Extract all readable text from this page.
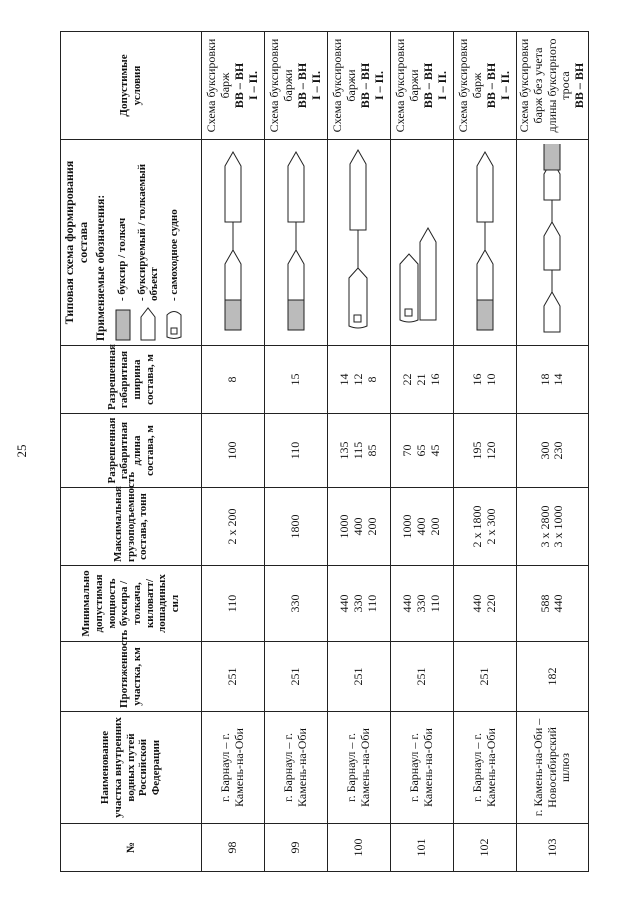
25
№	Наименование участка внутренних водных путей Российской Федерации	Протяженность участка, км	Минимально допустимая мощность буксира / толкача, киловатт/лошадиных сил	Максимальная грузоподъемность состава, тонн	Разрешенная габаритная длина состава, м	Разрешенная габаритная ширина состава, м	Типовая схема формирования состава Применяемые обозначения: - буксир / толкач - буксируемый / толкаемый объект - самоходное судно	Допустимые условия

98	г. Барнаул – г. Камень-на-Оби	251	110	2 х 200	100	8		Схема буксировки барж ВВ – ВН I – II.

99	г. Барнаул – г. Камень-на-Оби	251	330	1800	110	15		Схема буксировки баржи ВВ – ВН I – II.

100	г. Барнаул – г. Камень-на-Оби	251	440 330 110	1000 400 200	135 115 85	14 12 8		Схема буксировки баржи ВВ – ВН I – II.

101	г. Барнаул – г. Камень-на-Оби	251	440 330 110	1000 400 200	70 65 45	22 21 16		Схема буксировки баржи ВВ – ВН I – II.

102	г. Барнаул – г. Камень-на-Оби	251	440 220	2 х 1800 2 х 300	195 120	16 10		Схема буксировки барж ВВ – ВН I – II.

103	г. Камень-на-Оби – Новосибирский шлюз	182	588 440	3 х 2800 3 х 1000	300 230	18 14		Схема буксировки барж без учета длины буксирного троса ВВ – ВН
